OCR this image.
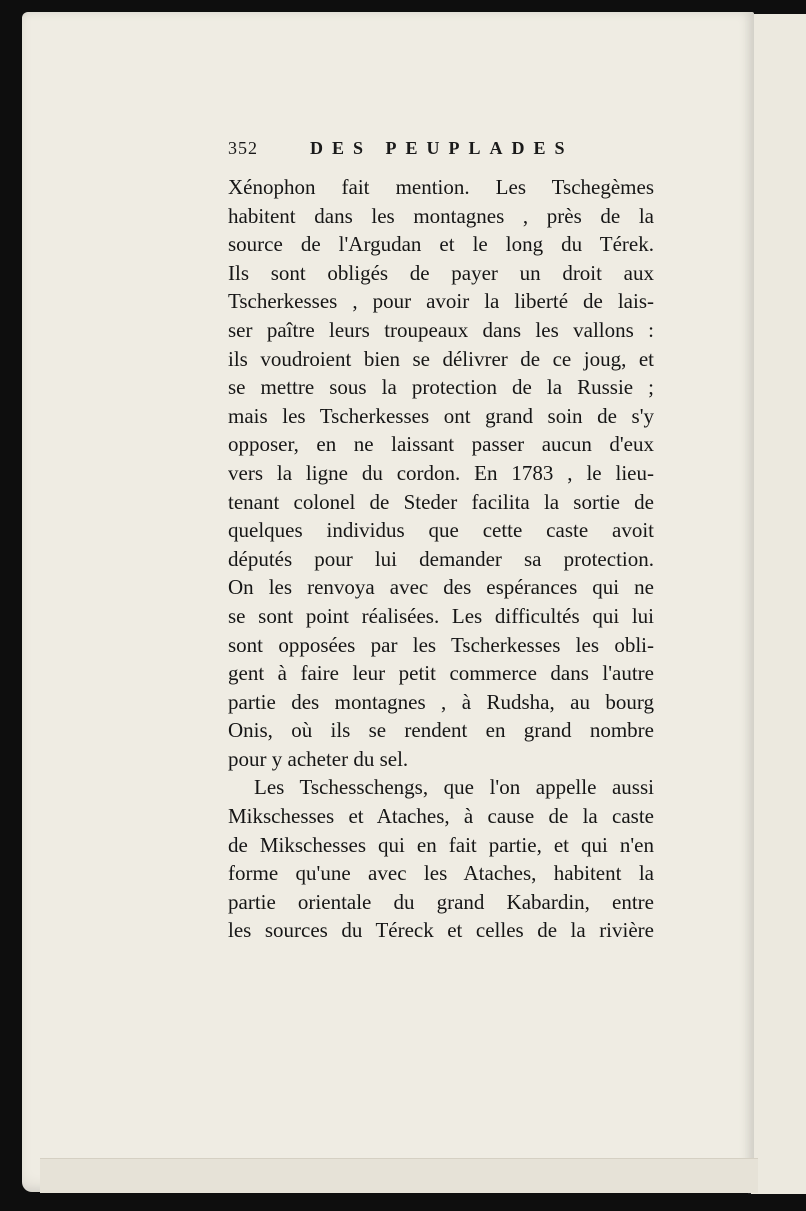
352	DES PEUPLADES
Xénophon fait mention. Les Tschegèmes
habitent dans les montagnes , près de la
source de l'Argudan et le long du Térek.
Ils sont obligés de payer un droit aux
Tscherkesses , pour avoir la liberté de lais-
ser paître leurs troupeaux dans les vallons :
ils voudroient bien se délivrer de ce joug, et
se mettre sous la protection de la Russie ;
mais les Tscherkesses ont grand soin de s'y
opposer, en ne laissant passer aucun d'eux
vers la ligne du cordon. En 1783 , le lieu-
tenant colonel de Steder facilita la sortie de
quelques individus que cette caste avoit
députés pour lui demander sa protection.
On les renvoya avec des espérances qui ne
se sont point réalisées. Les difficultés qui lui
sont opposées par les Tscherkesses les obli-
gent à faire leur petit commerce dans l'autre
partie des montagnes , à Rudsha, au bourg
Onis, où ils se rendent en grand nombre
pour y acheter du sel.
Les Tschesschengs, que l'on appelle aussi
Mikschesses et Ataches, à cause de la caste
de Mikschesses qui en fait partie, et qui n'en
forme qu'une avec les Ataches, habitent la
partie orientale du grand Kabardin, entre
les sources du Téreck et celles de la rivière
